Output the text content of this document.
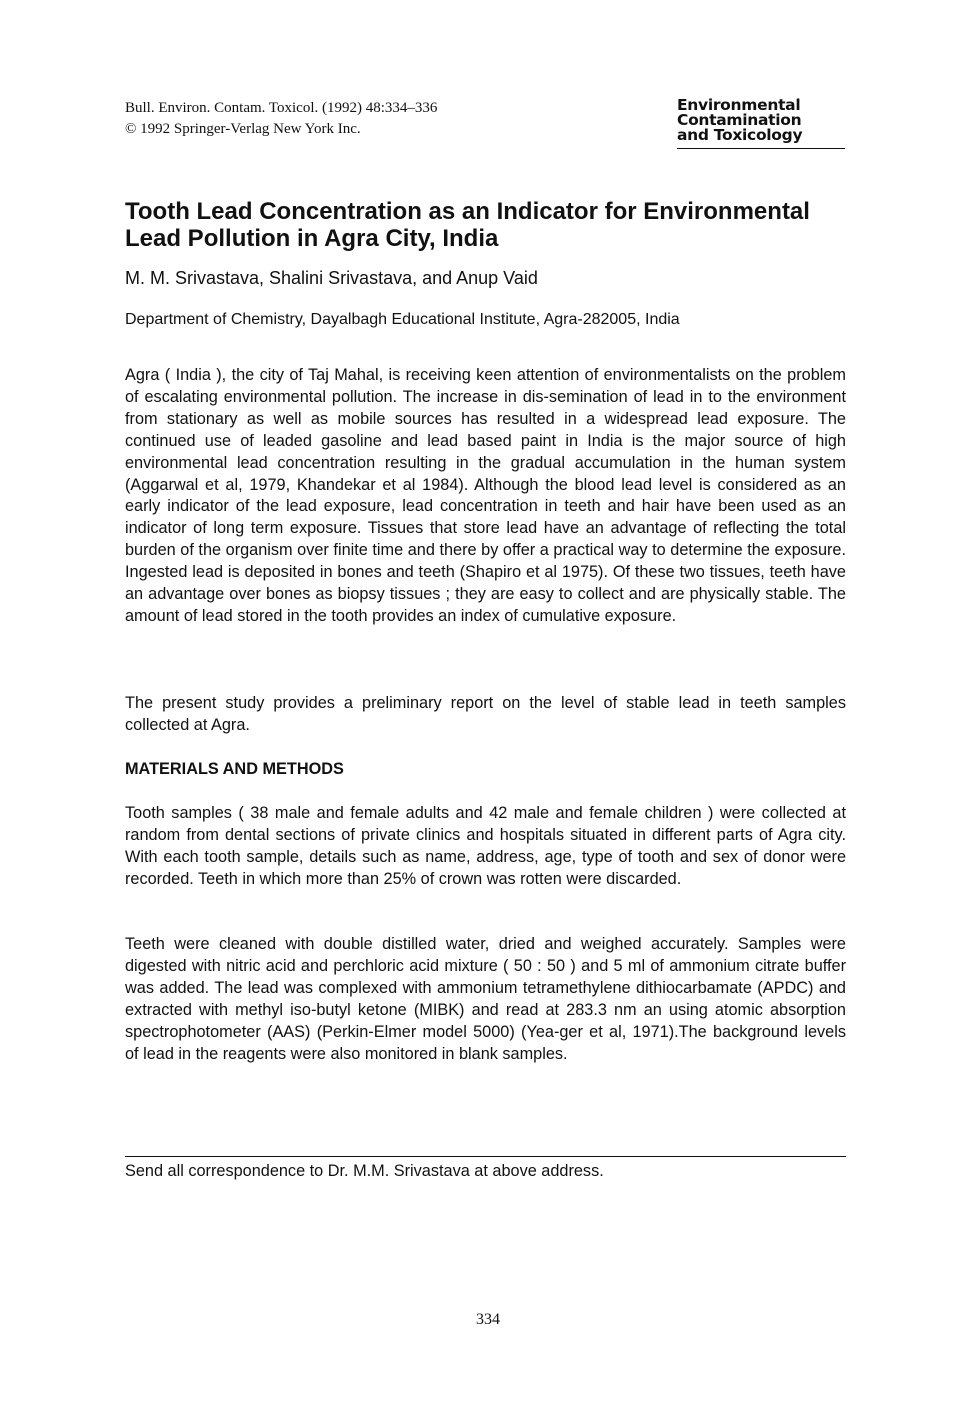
Bull. Environ. Contam. Toxicol. (1992) 48:334–336
© 1992 Springer-Verlag New York Inc.
Environmental
Contamination
and Toxicology
Tooth Lead Concentration as an Indicator for Environmental Lead Pollution in Agra City, India
M. M. Srivastava, Shalini Srivastava, and Anup Vaid
Department of Chemistry, Dayalbagh Educational Institute, Agra-282005, India

Agra ( India ), the city of Taj Mahal, is receiving keen attention of environmentalists on the problem of escalating environmental pollution. The increase in dis-semination of lead in to the environment from stationary as well as mobile sources has resulted in a widespread lead exposure. The continued use of leaded gasoline and lead based paint in India is the major source of high environmental lead concentration resulting in the gradual accumulation in the human system (Aggarwal et al, 1979, Khandekar et al 1984). Although the blood lead level is considered as an early indicator of the lead exposure, lead concentration in teeth and hair have been used as an indicator of long term exposure. Tissues that store lead have an advantage of reflecting the total burden of the organism over finite time and there by offer a practical way to determine the exposure. Ingested lead is deposited in bones and teeth (Shapiro et al 1975). Of these two tissues, teeth have an advantage over bones as biopsy tissues ; they are easy to collect and are physically stable. The amount of lead stored in the tooth provides an index of cumulative exposure.

The present study provides a preliminary report on the level of stable lead in teeth samples collected at Agra.

MATERIALS AND METHODS

Tooth samples ( 38 male and female adults and 42 male and female children ) were collected at random from dental sections of private clinics and hospitals situated in different parts of Agra city. With each tooth sample, details such as name, address, age, type of tooth and sex of donor were recorded. Teeth in which more than 25% of crown was rotten were discarded.

Teeth were cleaned with double distilled water, dried and weighed accurately. Samples were digested with nitric acid and perchloric acid mixture ( 50 : 50 ) and 5 ml of ammonium citrate buffer was added. The lead was complexed with ammonium tetramethylene dithiocarbamate (APDC) and extracted with methyl iso-butyl ketone (MIBK) and read at 283.3 nm an using atomic absorption spectrophotometer (AAS) (Perkin-Elmer model 5000) (Yea-ger et al, 1971).The background levels of lead in the reagents were also monitored in blank samples.

Send all correspondence to Dr. M.M. Srivastava at above address.
334
